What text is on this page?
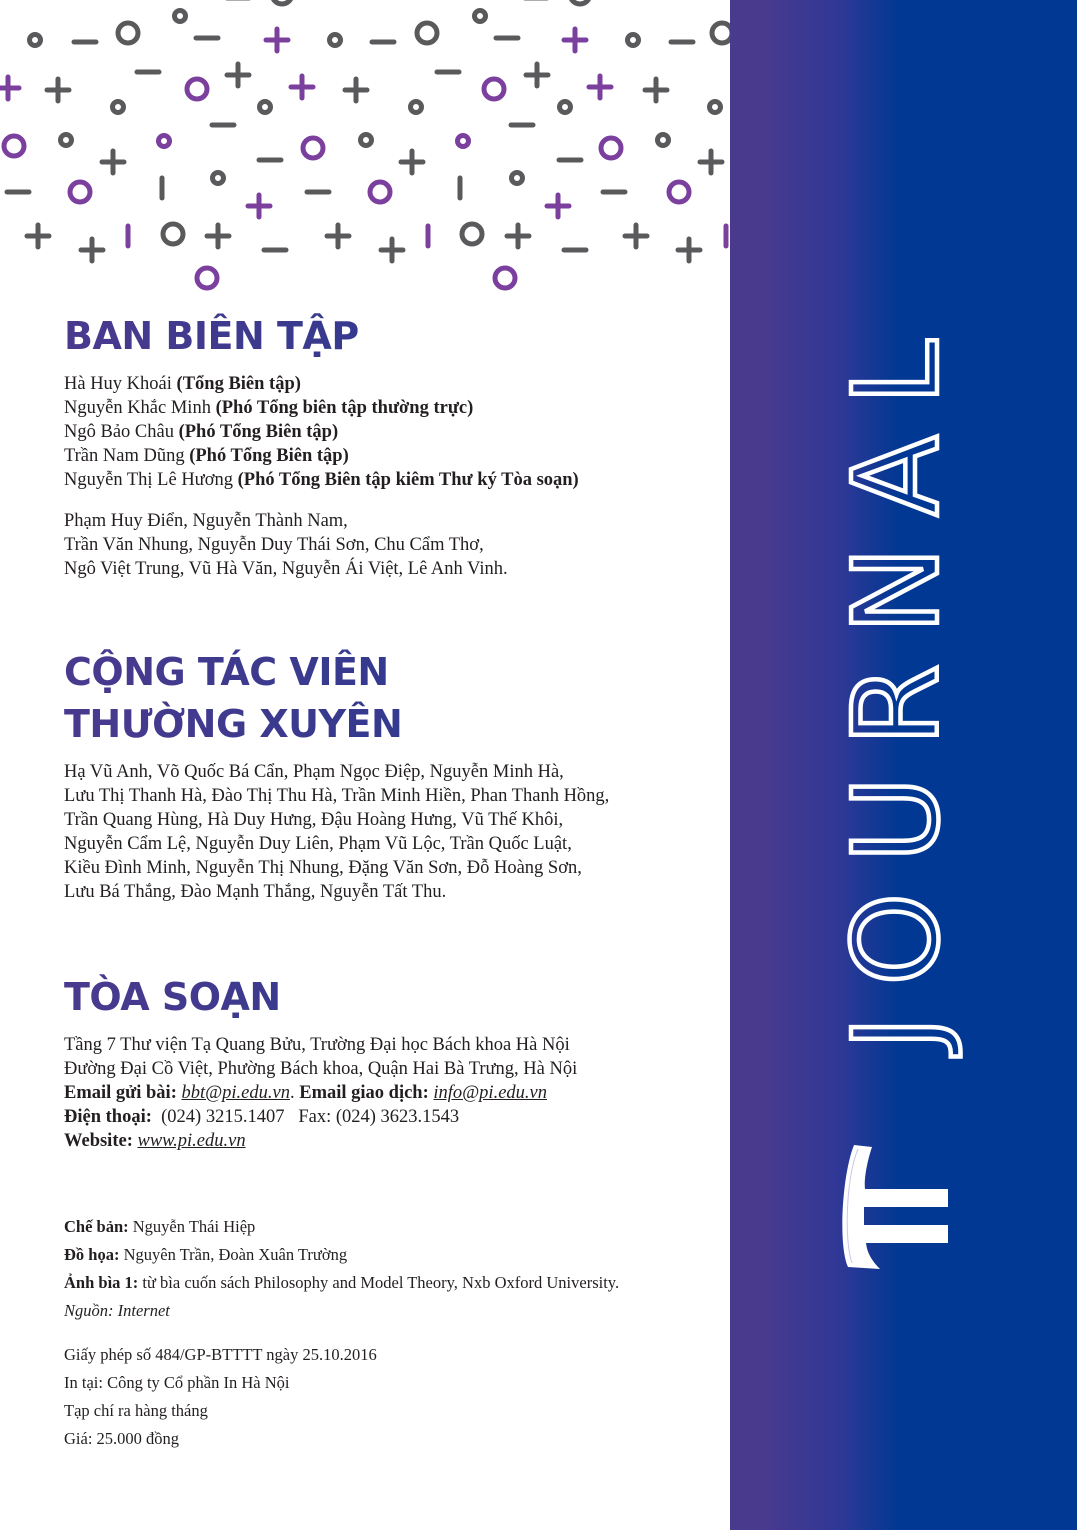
JOURNAL
BAN BIÊN TẬP
Hà Huy Khoái (Tổng Biên tập)
Nguyễn Khắc Minh (Phó Tổng biên tập thường trực)
Ngô Bảo Châu (Phó Tổng Biên tập)
Trần Nam Dũng (Phó Tổng Biên tập)
Nguyễn Thị Lê Hương (Phó Tổng Biên tập kiêm Thư ký Tòa soạn)
Phạm Huy Điển, Nguyễn Thành Nam,
Trần Văn Nhung, Nguyễn Duy Thái Sơn, Chu Cẩm Thơ,
Ngô Việt Trung, Vũ Hà Văn, Nguyễn Ái Việt, Lê Anh Vinh.
CỘNG TÁC VIÊN
THƯỜNG XUYÊN
Hạ Vũ Anh, Võ Quốc Bá Cẩn, Phạm Ngọc Điệp, Nguyễn Minh Hà,
Lưu Thị Thanh Hà, Đào Thị Thu Hà, Trần Minh Hiền, Phan Thanh Hồng,
Trần Quang Hùng, Hà Duy Hưng, Đậu Hoàng Hưng, Vũ Thế Khôi,
Nguyễn Cẩm Lệ, Nguyễn Duy Liên, Phạm Vũ Lộc, Trần Quốc Luật,
Kiều Đình Minh, Nguyễn Thị Nhung, Đặng Văn Sơn, Đỗ Hoàng Sơn,
Lưu Bá Thắng, Đào Mạnh Thắng, Nguyễn Tất Thu.
TÒA SOẠN
Tầng 7 Thư viện Tạ Quang Bửu, Trường Đại học Bách khoa Hà Nội
Đường Đại Cồ Việt, Phường Bách khoa, Quận Hai Bà Trưng, Hà Nội
Email gửi bài: bbt@pi.edu.vn. Email giao dịch: info@pi.edu.vn
Điện thoại: (024) 3215.1407 Fax: (024) 3623.1543
Website: www.pi.edu.vn
Chế bản: Nguyễn Thái Hiệp
Đồ họa: Nguyên Trần, Đoàn Xuân Trường
Ảnh bìa 1: từ bìa cuốn sách Philosophy and Model Theory, Nxb Oxford University.
Nguồn: Internet
Giấy phép số 484/GP-BTTTT ngày 25.10.2016
In tại: Công ty Cổ phần In Hà Nội
Tạp chí ra hàng tháng
Giá: 25.000 đồng
